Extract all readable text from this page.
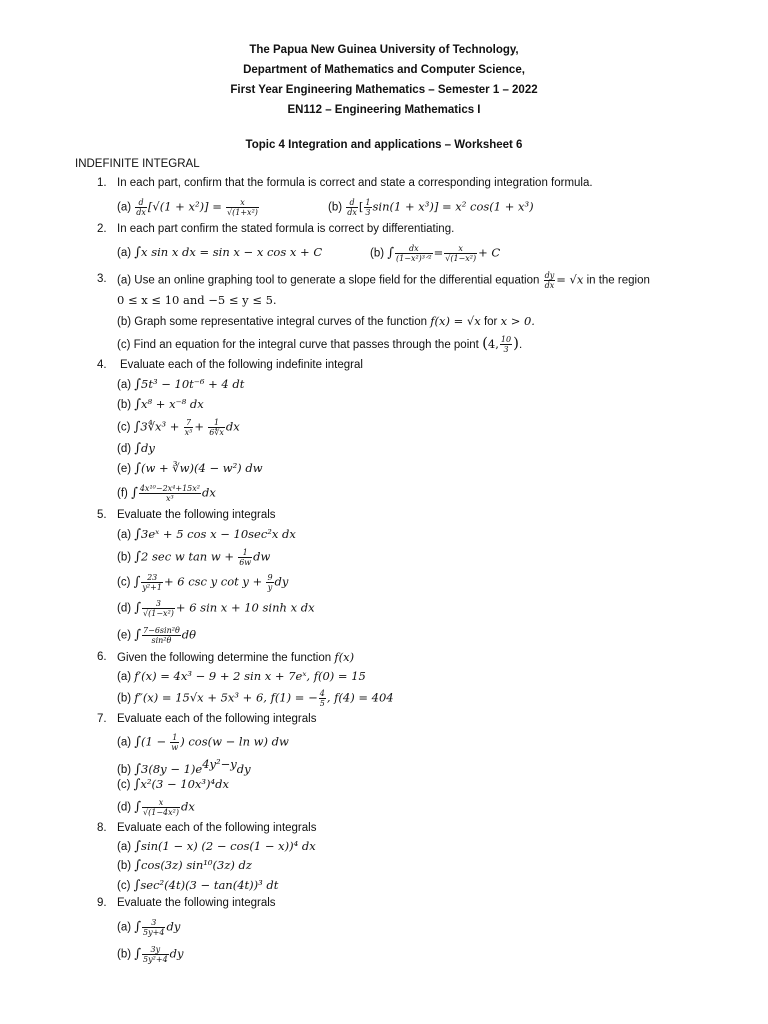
The Papua New Guinea University of Technology,
Department of Mathematics and Computer Science,
First Year Engineering Mathematics – Semester 1 – 2022
EN112 – Engineering Mathematics I
Topic 4 Integration and applications – Worksheet 6
INDEFINITE INTEGRAL
1. In each part, confirm that the formula is correct and state a corresponding integration formula.
$(a) \frac{d}{dx} [√(1 + x^2)] = \frac{x}{\text{√(1+x²)}}$	$(b) \frac{d}{dx}$ [ $\frac{1}{3} \sin(1 + x^3)] = x^2$ cos(1 + x³)
2. In each part confirm the stated formula is correct by differentiating.
(a) ∫x sin x dx = sin x − x cos x + C	(b) ∫ $\frac{dx}{\text{(1−x²)³ᐟ²}} = \frac{x}{\text{√(1−x²)}} + C$
3. (a) Use an online graphing tool to generate a slope field for the differential equation $\frac{dy}{dx} = √x$ in the region
0 ≤ x ≤ 10 and −5 ≤ y ≤ 5.
(b) Graph some representative integral curves of the function f(x) = √x for x > 0.
(c) Find an equation for the integral curve that passes through the point (4, $\frac{10}{3}$ ).
4. Evaluate each of the following indefinite integral
(a) ∫5t³ − 10t⁻⁶ + 4 dt
(b) ∫x⁸ + x⁻⁸ dx
(c) ∫3∜x³ + $\frac{7}{\text{x⁵}} + \frac{1}{6∜x}$ dx
(d) ∫dy
(e) ∫(w + ∛w)(4 − w²) dw
(f) ∫ $\frac{\text{4x¹⁰−2x⁴+15x²}}{\text{x³}}$ dx
5. Evaluate the following integrals
(a) ∫3eˣ + 5 cos x − 10sec²x dx
(b) ∫2 sec w $\tan w + \frac{1}{6w}$ dw
(c) ∫ $\frac{23}{\text{y²+1}} + 6$ csc y $\cot y + \frac{9}{y}$ dy
(d) ∫ $\frac{3}{\text{√(1−x²)}} + 6$ sin x + 10 sinh x dx
(e) ∫ $\frac{\text{7−6sin²θ}}{\text{sin²θ}}$ dθ
6. Given the following determine the function f(x)
(a) f′(x) = 4x³ − 9 + 2 sin x + 7eˣ, f(0) = 15
(b) f″(x) = 15√x + 5x³ + 6, f(1) = − $\frac{4}{5}$ , f(4) = 404
7. Evaluate each of the following integrals
(a) $\int(1 - \frac{1}{w}$ ) cos(w − ln w) dw
(b) $\int 3(8y - 1)e^{4y^2-y}dy$
(c) ∫x²(3 − 10x³)⁴dx
(d) ∫ $\frac{x}{\text{√(1−4x²)}}$ dx
8. Evaluate each of the following integrals
(a) ∫sin(1 − x) (2 − cos(1 − x))⁴ dx
(b) ∫cos(3z) sin¹⁰(3z) dz
(c) ∫sec²(4t)(3 − tan(4t))³ dt
9. Evaluate the following integrals
(a) ∫ $\frac{3}{5y+4}$ dy
(b) ∫ $\frac{3y}{\text{5y²+4}}$ dy
